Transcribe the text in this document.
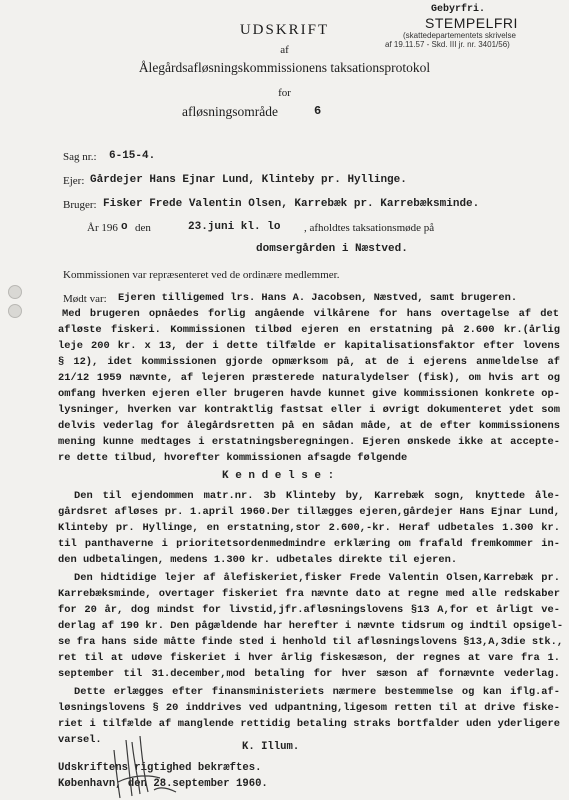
Gebyrfri.
STEMPELFRI
(skattedepartementets skrivelse
af 19.11.57 - Skd. III jr. nr. 3401/56)
UDSKRIFT
af
Ålegårdsafløsningskommissionens taksationsprotokol
for
afløsningsområde	6
Sag nr.: 6-15-4.
Ejer: Gårdejer Hans Ejnar Lund, Klinteby pr. Hyllinge.
Bruger: Fisker Frede Valentin Olsen, Karrebæk pr. Karrebæksminde.
År 196 o den	23.juni kl. lo , afholdtes taksationsmøde på
domsergården i Næstved.
Kommissionen var repræsenteret ved de ordinære medlemmer.
Mødt var: Ejeren tilligemed lrs. Hans A. Jacobsen, Næstved, samt brugeren.
Med brugeren opnåedes forlig angående vilkårene for hans overtagelse af det
afløste fiskeri. Kommissionen tilbød ejeren en erstatning på 2.600 kr.(årlig
leje 200 kr. x 13, der i dette tilfælde er kapitalisationsfaktor efter lovens
§ 12), idet kommissionen gjorde opmærksom på, at de i ejerens anmeldelse af
21/12 1959 nævnte, af lejeren præsterede naturalydelser (fisk), om hvis art og
omfang hverken ejeren eller brugeren havde kunnet give kommissionen konkrete op-
lysninger, hverken var kontraktlig fastsat eller i øvrigt dokumenteret ydet som
delvis vederlag for ålegårdsretten på en sådan måde, at de efter kommissionens
mening kunne medtages i erstatningsberegningen. Ejeren ønskede ikke at accepte-
re dette tilbud, hvorefter kommissionen afsagde følgende
K e n d e l s e :
Den til ejendommen matr.nr. 3b Klinteby by, Karrebæk sogn, knyttede åle-
gårdsret afløses pr. 1.april 1960.Der tillægges ejeren,gårdejer Hans Ejnar Lund,
Klinteby pr. Hyllinge, en erstatning,stor 2.600,-kr. Heraf udbetales 1.300 kr.
til panthaverne i prioritetsordenmedmindre erklæring om frafald fremkommer in-
den udbetalingen, medens 1.300 kr. udbetales direkte til ejeren.
Den hidtidige lejer af ålefiskeriet,fisker Frede Valentin Olsen,Karrebæk pr.
Karrebæksminde, overtager fiskeriet fra nævnte dato at regne med alle redskaber
for 20 år, dog mindst for livstid,jfr.afløsningslovens §13 A,for et årligt ve-
derlag af 190 kr. Den pågældende har herefter i nævnte tidsrum og indtil opsigel-
se fra hans side måtte finde sted i henhold til afløsningslovens §13,A,3die stk.,
ret til at udøve fiskeriet i hver årlig fiskesæson, der regnes at vare fra 1.
september til 31.december,mod betaling for hver sæson af fornævnte vederlag.
Dette erlægges efter finansministeriets nærmere bestemmelse og kan iflg.af-
løsningslovens § 20 inddrives ved udpantning,ligesom retten til at drive fiske-
riet i tilfælde af manglende rettidig betaling straks bortfalder uden yderligere
varsel.
K. Illum.
Udskriftens rigtighed bekræftes.
København, den 28.september 1960.
